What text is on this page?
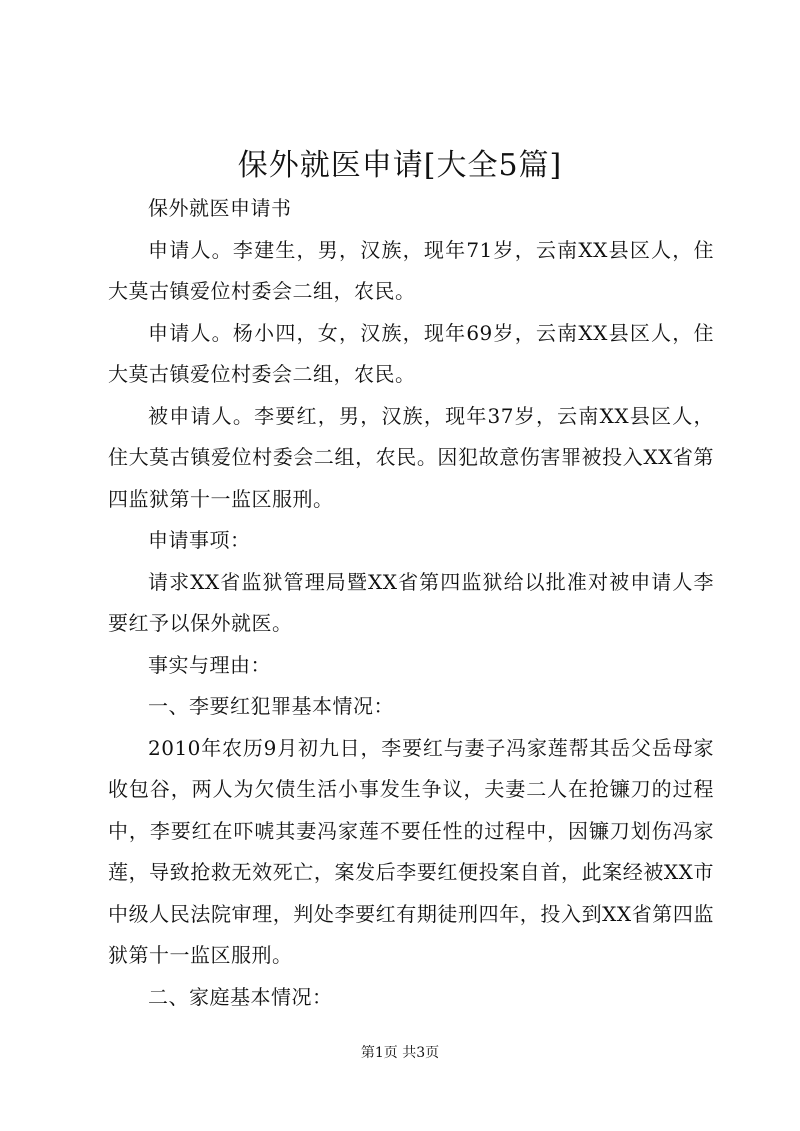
保外就医申请[大全5篇]

保外就医申请书

申请人。李建生，男，汉族，现年71岁，云南XX县区人，住大莫古镇爱位村委会二组，农民。

申请人。杨小四，女，汉族，现年69岁，云南XX县区人，住大莫古镇爱位村委会二组，农民。

被申请人。李要红，男，汉族，现年37岁，云南XX县区人，住大莫古镇爱位村委会二组，农民。因犯故意伤害罪被投入XX省第四监狱第十一监区服刑。

申请事项：

请求XX省监狱管理局暨XX省第四监狱给以批准对被申请人李要红予以保外就医。

事实与理由：

一、李要红犯罪基本情况：

2010年农历9月初九日，李要红与妻子冯家莲帮其岳父岳母家收包谷，两人为欠债生活小事发生争议，夫妻二人在抢镰刀的过程中，李要红在吓唬其妻冯家莲不要任性的过程中，因镰刀划伤冯家莲，导致抢救无效死亡，案发后李要红便投案自首，此案经被XX市中级人民法院审理，判处李要红有期徒刑四年，投入到XX省第四监狱第十一监区服刑。

二、家庭基本情况：

第1页 共3页
